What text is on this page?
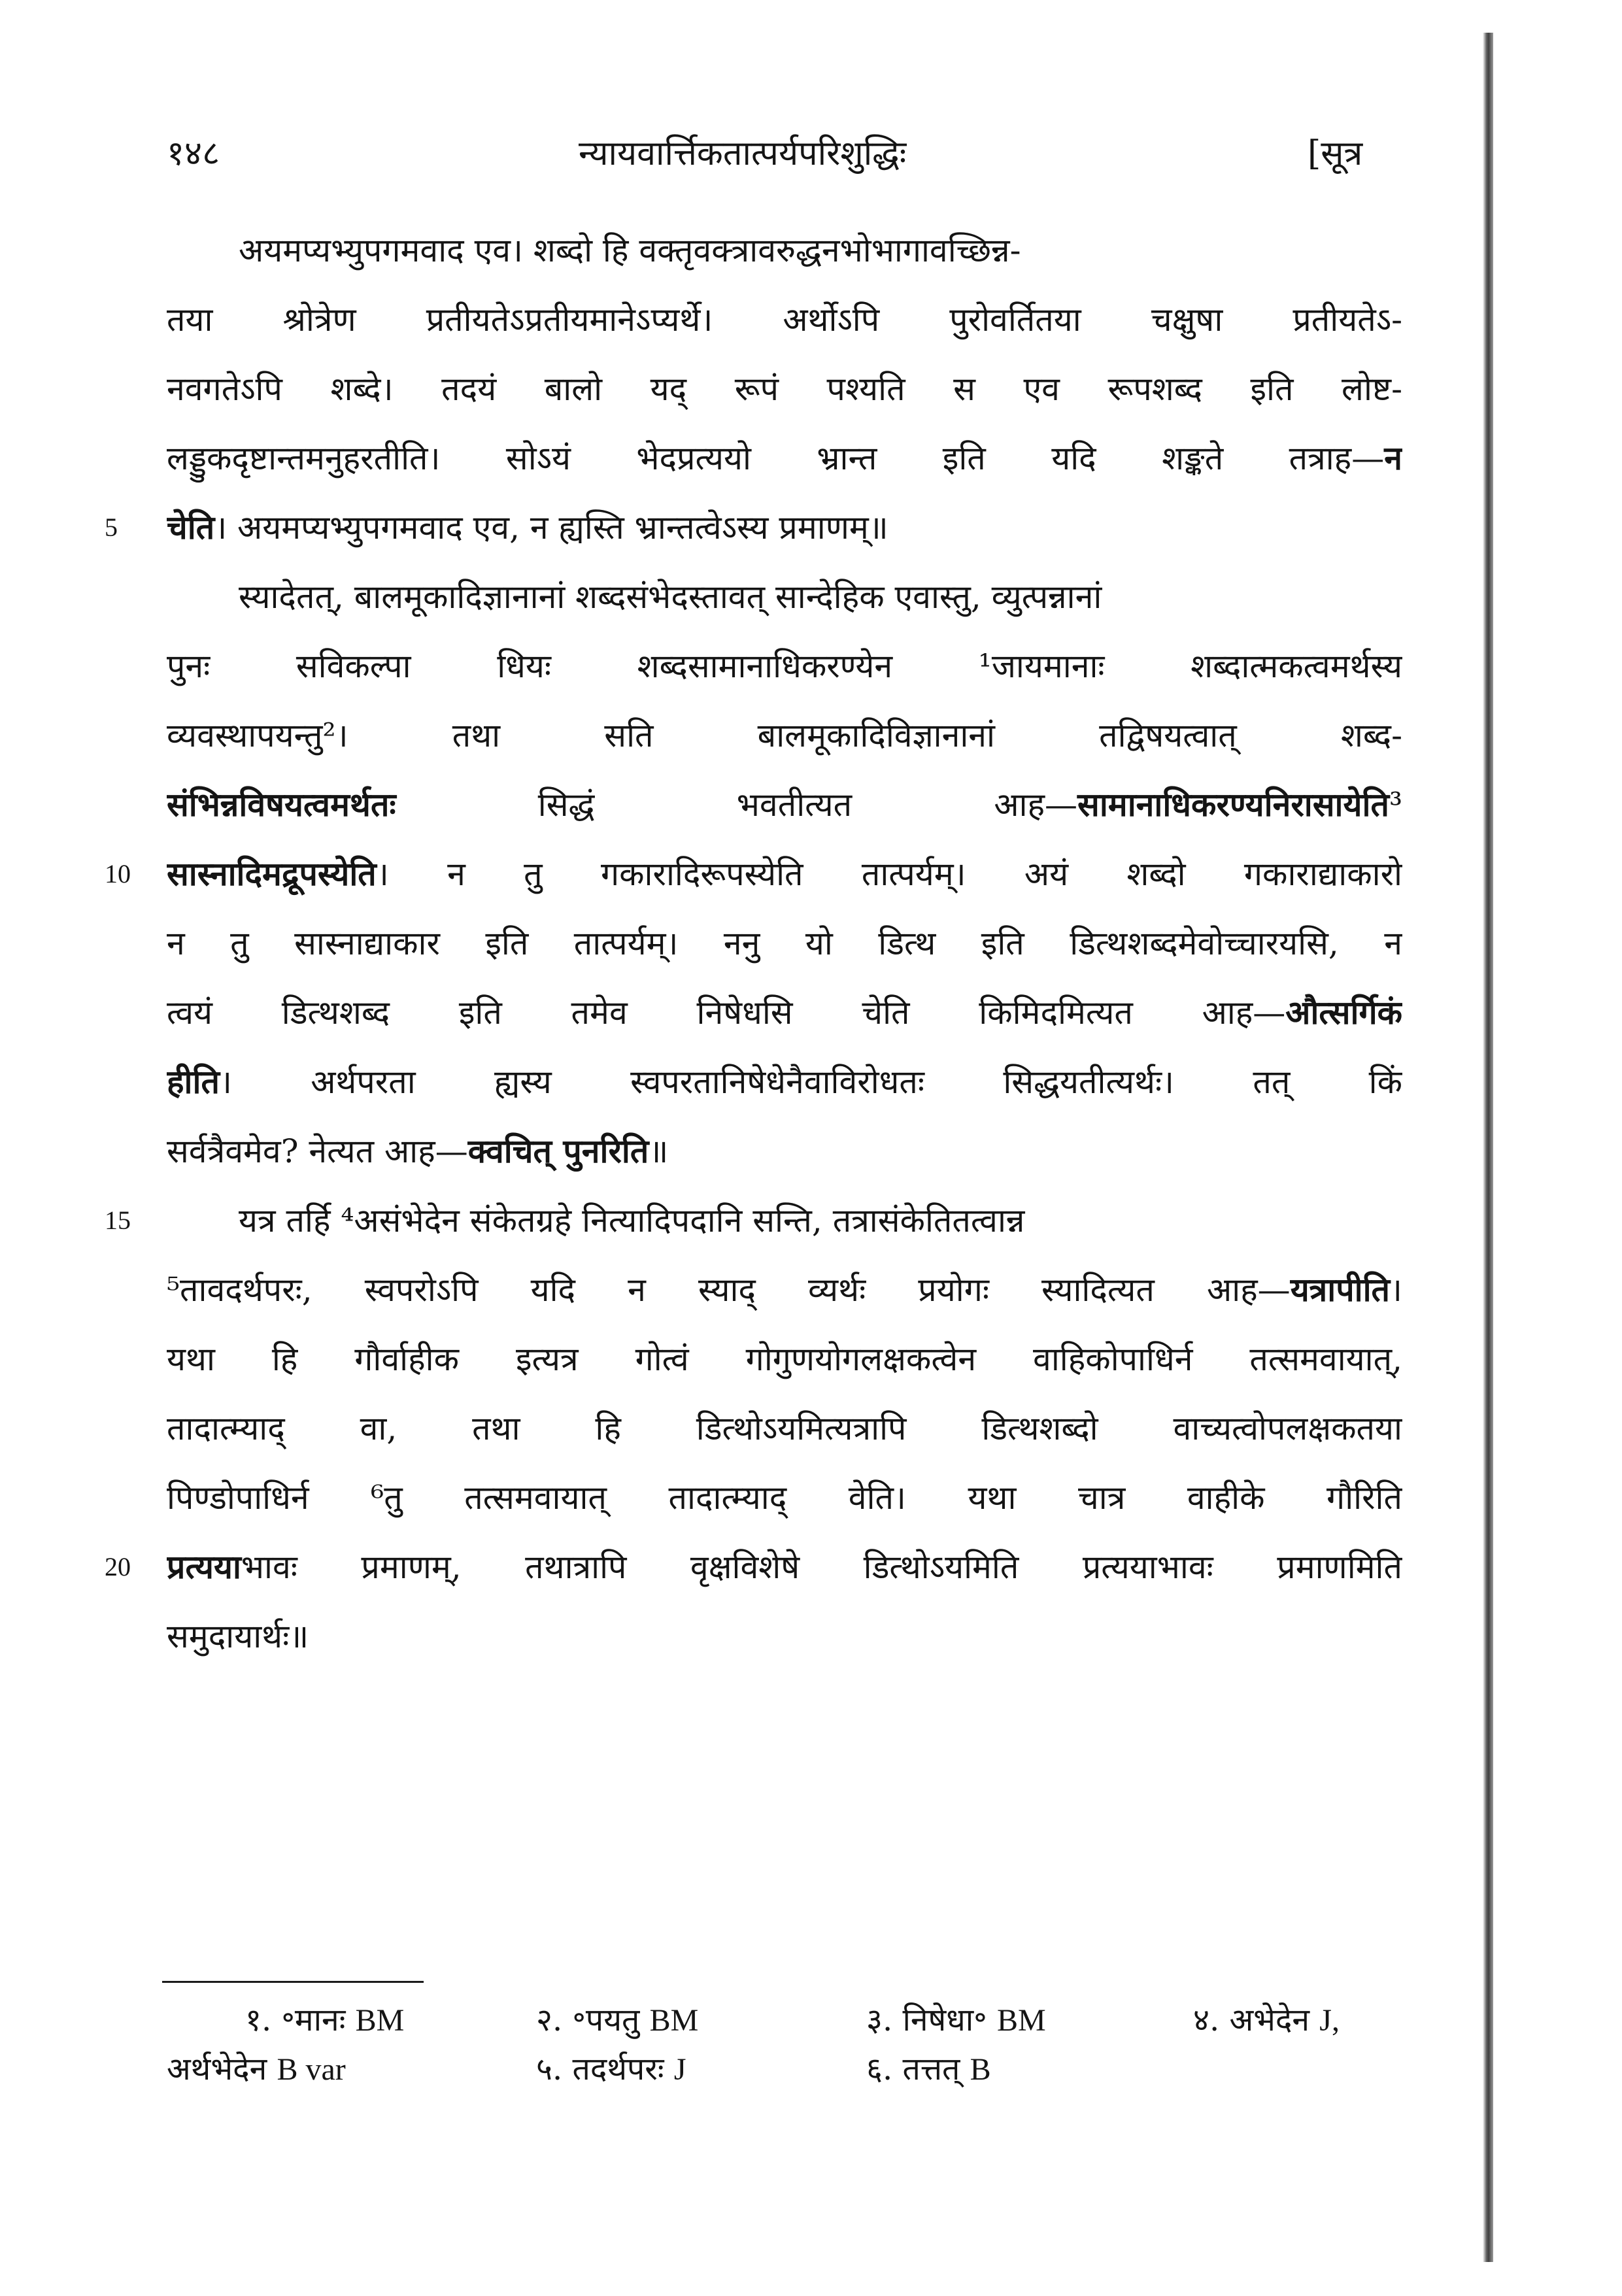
१४८	न्यायवार्त्तिकतात्पर्यपरिशुद्धिः	[सूत्र
5
10
15
20
अयमप्यभ्युपगमवाद एव। शब्दो हि वक्तृवक्त्रावरुद्धनभोभागावच्छिन्न-
तया श्रोत्रेण प्रतीयतेऽप्रतीयमानेऽप्यर्थे। अर्थोऽपि पुरोवर्तितया चक्षुषा प्रतीयतेऽ-
नवगतेऽपि शब्दे। तदयं बालो यद् रूपं पश्यति स एव रूपशब्द इति लोष्ट-
लड्डुकदृष्टान्तमनुहरतीति। सोऽयं भेदप्रत्ययो भ्रान्त इति यदि शङ्कते तत्राह—न
चेति। अयमप्यभ्युपगमवाद एव, न ह्यस्ति भ्रान्तत्वेऽस्य प्रमाणम्॥
स्यादेतत्, बालमूकादिज्ञानानां शब्दसंभेदस्तावत् सान्देहिक एवास्तु, व्युत्पन्नानां
पुनः सविकल्पा धियः शब्दसामानाधिकरण्येन ¹जायमानाः शब्दात्मकत्वमर्थस्य
व्यवस्थापयन्तु²। तथा सति बालमूकादिविज्ञानानां तद्विषयत्वात् शब्द-
संभिन्नविषयत्वमर्थतः सिद्धं भवतीत्यत आह—सामानाधिकरण्यनिरासायेति³
सास्नादिमद्रूपस्येति। न तु गकारादिरूपस्येति तात्पर्यम्। अयं शब्दो गकाराद्याकारो
न तु सास्नाद्याकार इति तात्पर्यम्। ननु यो डित्थ इति डित्थशब्दमेवोच्चारयसि, न
त्वयं डित्थशब्द इति तमेव निषेधसि चेति किमिदमित्यत आह—औत्सर्गिकं
हीति। अर्थपरता ह्यस्य स्वपरतानिषेधेनैवाविरोधतः सिद्धयतीत्यर्थः। तत् किं
सर्वत्रैवमेव? नेत्यत आह—क्वचित् पुनरिति॥
यत्र तर्हि ⁴असंभेदेन संकेतग्रहे नित्यादिपदानि सन्ति, तत्रासंकेतितत्वान्न
⁵तावदर्थपरः, स्वपरोऽपि यदि न स्याद् व्यर्थः प्रयोगः स्यादित्यत आह—यत्रापीति।
यथा हि गौर्वाहीक इत्यत्र गोत्वं गोगुणयोगलक्षकत्वेन वाहिकोपाधिर्न तत्समवायात्,
तादात्म्याद् वा, तथा हि डित्थोऽयमित्यत्रापि डित्थशब्दो वाच्यत्वोपलक्षकतया
पिण्डोपाधिर्न ⁶तु तत्समवायात् तादात्म्याद् वेति। यथा चात्र वाहीके गौरिति
प्रत्ययाभावः प्रमाणम्, तथात्रापि वृक्षविशेषे डित्थोऽयमिति प्रत्ययाभावः प्रमाणमिति
समुदायार्थः॥
१. ॰मानः BM	२. ॰पयतु BM	३. निषेधा॰ BM	४. अभेदेन J,
अर्थभेदेन B var	५. तदर्थपरः J	६. तत्तत् B
